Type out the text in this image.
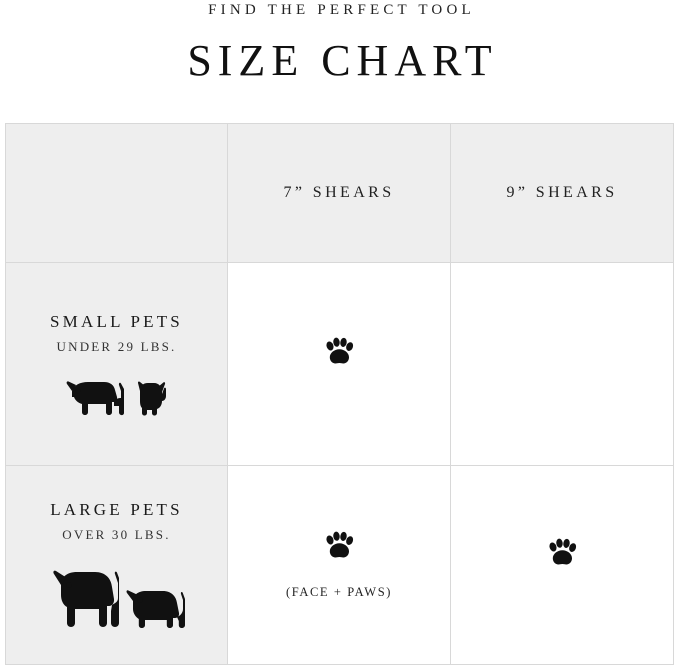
FIND THE PERFECT TOOL

SIZE CHART
	7” SHEARS	9” SHEARS

SMALL PETS
UNDER 29 LBS.

LARGE PETS
OVER 30 LBS.	(FACE + PAWS)
